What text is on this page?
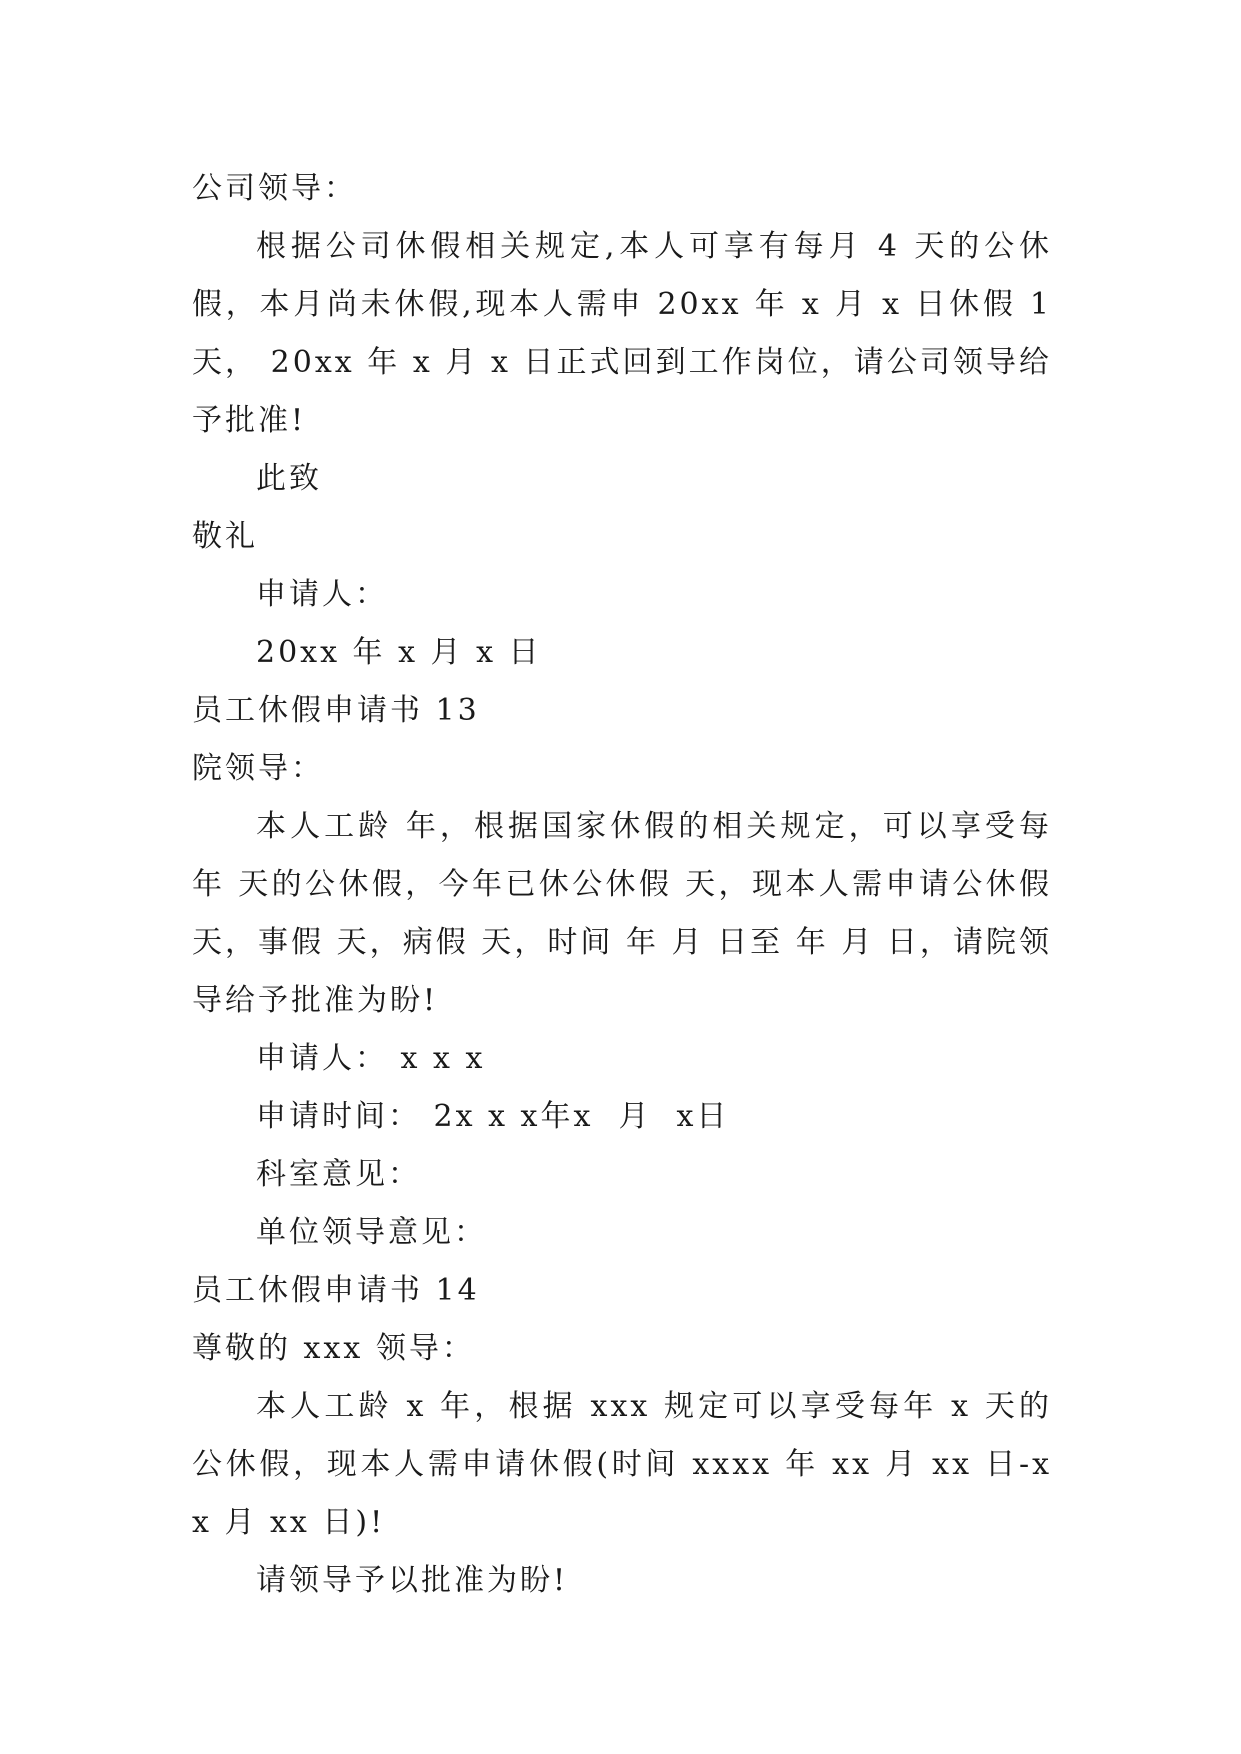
公司领导：
根据公司休假相关规定,本人可享有每月 4 天的公休假，本月尚未休假,现本人需申 20xx 年 x 月 x 日休假 1 天， 20xx 年 x 月 x 日正式回到工作岗位，请公司领导给予批准!
此致
敬礼
申请人：
20xx 年 x 月 x 日
员工休假申请书 13
院领导：
本人工龄 年，根据国家休假的相关规定，可以享受每年 天的公休假，今年已休公休假 天，现本人需申请公休假 天，事假 天，病假 天，时间 年 月 日至 年 月 日，请院领导给予批准为盼!
申请人： x x x
申请时间： 2x x x年x  月  x日
科室意见：
单位领导意见：
员工休假申请书 14
尊敬的 xxx 领导：
本人工龄 x 年，根据 xxx 规定可以享受每年 x 天的公休假，现本人需申请休假(时间 xxxx 年 xx 月 xx 日-xx 月 xx 日)!
请领导予以批准为盼!
